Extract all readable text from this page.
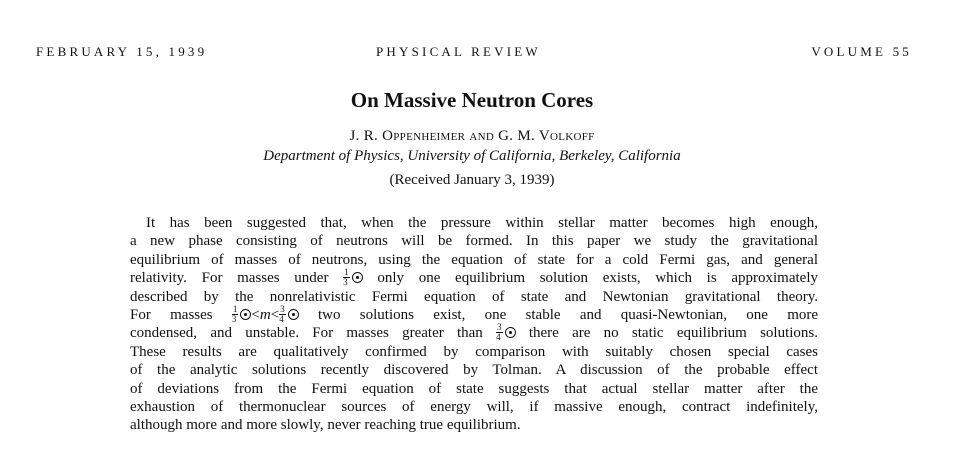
FEBRUARY 15, 1939	PHYSICAL REVIEW	VOLUME 55
On Massive Neutron Cores
J. R. Oppenheimer and G. M. Volkoff
Department of Physics, University of California, Berkeley, California
(Received January 3, 1939)
It has been suggested that, when the pressure within stellar matter becomes high enough,
a new phase consisting of neutrons will be formed. In this paper we study the gravitational
equilibrium of masses of neutrons, using the equation of state for a cold Fermi gas, and general
relativity. For masses under $\frac{1}{3}$ only one equilibrium solution exists, which is approximately
described by the nonrelativistic Fermi equation of state and Newtonian gravitational theory.
For masses $\frac{1}{3} <m< \frac{3}{4}$ two solutions exist, one stable and quasi-Newtonian, one more
condensed, and unstable. For masses greater than $\frac{3}{4}$ there are no static equilibrium solutions.
These results are qualitatively confirmed by comparison with suitably chosen special cases
of the analytic solutions recently discovered by Tolman. A discussion of the probable effect
of deviations from the Fermi equation of state suggests that actual stellar matter after the
exhaustion of thermonuclear sources of energy will, if massive enough, contract indefinitely,
although more and more slowly, never reaching true equilibrium.
